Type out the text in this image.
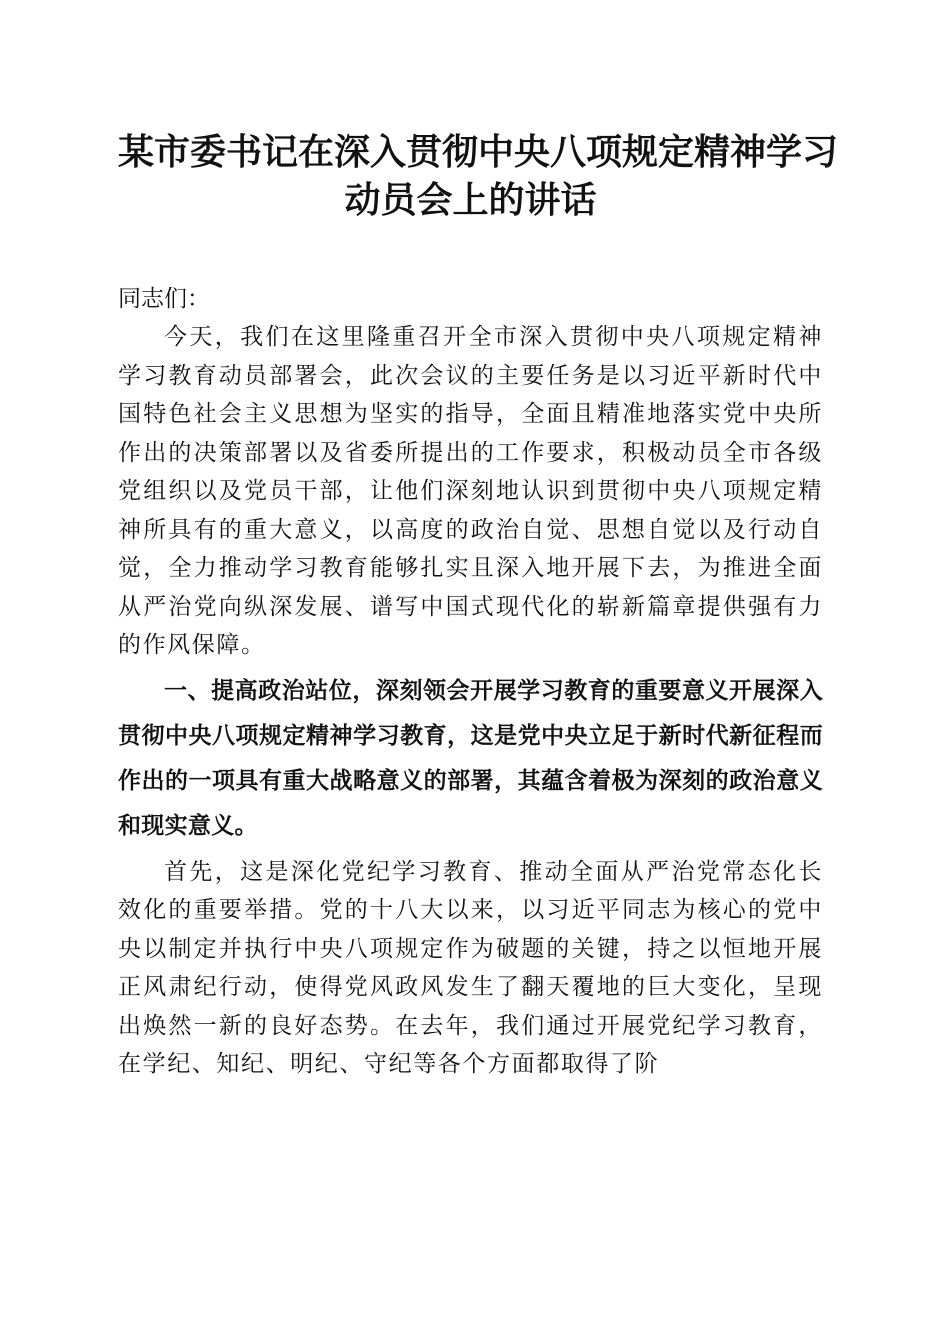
某市委书记在深入贯彻中央八项规定精神学习
动员会上的讲话

同志们：

今天，我们在这里隆重召开全市深入贯彻中央八项规定精神学习教育动员部署会，此次会议的主要任务是以习近平新时代中国特色社会主义思想为坚实的指导，全面且精准地落实党中央所作出的决策部署以及省委所提出的工作要求，积极动员全市各级党组织以及党员干部，让他们深刻地认识到贯彻中央八项规定精神所具有的重大意义，以高度的政治自觉、思想自觉以及行动自觉，全力推动学习教育能够扎实且深入地开展下去，为推进全面从严治党向纵深发展、谱写中国式现代化的崭新篇章提供强有力的作风保障。

一、提高政治站位，深刻领会开展学习教育的重要意义开展深入贯彻中央八项规定精神学习教育，这是党中央立足于新时代新征程而作出的一项具有重大战略意义的部署，其蕴含着极为深刻的政治意义和现实意义。

首先，这是深化党纪学习教育、推动全面从严治党常态化长效化的重要举措。党的十八大以来，以习近平同志为核心的党中央以制定并执行中央八项规定作为破题的关键，持之以恒地开展正风肃纪行动，使得党风政风发生了翻天覆地的巨大变化，呈现出焕然一新的良好态势。在去年，我们通过开展党纪学习教育，在学纪、知纪、明纪、守纪等各个方面都取得了阶
